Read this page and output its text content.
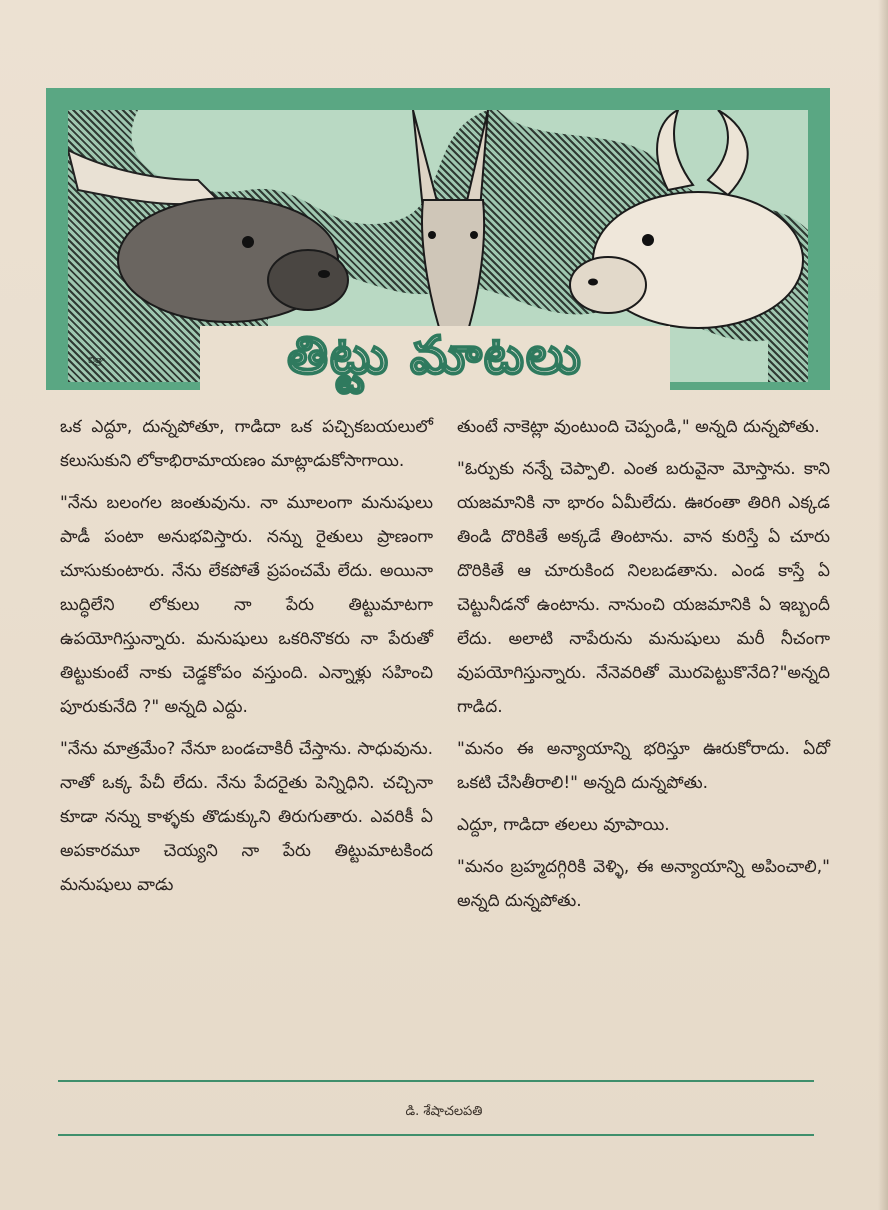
చిత్రా	తిట్టు మాటలు

ఒక ఎద్దూ, దున్నపోతూ, గాడిదా ఒక పచ్చికబయలులో కలుసుకుని లోకాభిరామాయణం మాట్లాడుకోసాగాయి.

"నేను బలంగల జంతువును. నా మూలంగా మనుషులు పాడీ పంటా అనుభవిస్తారు. నన్ను రైతులు ప్రాణంగా చూసుకుంటారు. నేను లేకపోతే ప్రపంచమే లేదు. అయినా బుద్ధిలేని లోకులు నా పేరు తిట్టుమాటగా ఉపయోగిస్తున్నారు. మనుషులు ఒకరినొకరు నా పేరుతో తిట్టుకుంటే నాకు చెడ్డకోపం వస్తుంది. ఎన్నాళ్లు సహించి పూరుకునేది ?" అన్నది ఎద్దు.

"నేను మాత్రమేం? నేనూ బండచాకిరీ చేస్తాను. సాధువును. నాతో ఒక్క పేచీ లేదు. నేను పేదరైతు పెన్నిధిని. చచ్చినా కూడా నన్ను కాళ్ళకు తొడుక్కుని తిరుగుతారు. ఎవరికీ ఏ అపకారమూ చెయ్యని నా పేరు తిట్టుమాటకింద మనుషులు వాడు

తుంటే నాకెట్లా వుంటుంది చెప్పండి," అన్నది దున్నపోతు.

"ఓర్పుకు నన్నే చెప్పాలి. ఎంత బరువైనా మోస్తాను. కాని యజమానికి నా భారం ఏమీలేదు. ఊరంతా తిరిగి ఎక్కడ తిండి దొరికితే అక్కడే తింటాను. వాన కురిస్తే ఏ చూరు దొరికితే ఆ చూరుకింద నిలబడతాను. ఎండ కాస్తే ఏ చెట్టునీడనో ఉంటాను. నానుంచి యజమానికి ఏ ఇబ్బందీ లేదు. అలాటి నాపేరును మనుషులు మరీ నీచంగా వుపయోగిస్తున్నారు. నేనెవరితో మొరపెట్టుకొనేది?"అన్నది గాడిద.

"మనం ఈ అన్యాయాన్ని భరిస్తూ ఊరుకోరాదు. ఏదో ఒకటి చేసితీరాలి!" అన్నది దున్నపోతు.

ఎద్దూ, గాడిదా తలలు వూపాయి.

"మనం బ్రహ్మదగ్గిరికి వెళ్ళి, ఈ అన్యాయాన్ని అపించాలి," అన్నది దున్నపోతు.

డి. శేషాచలపతి
